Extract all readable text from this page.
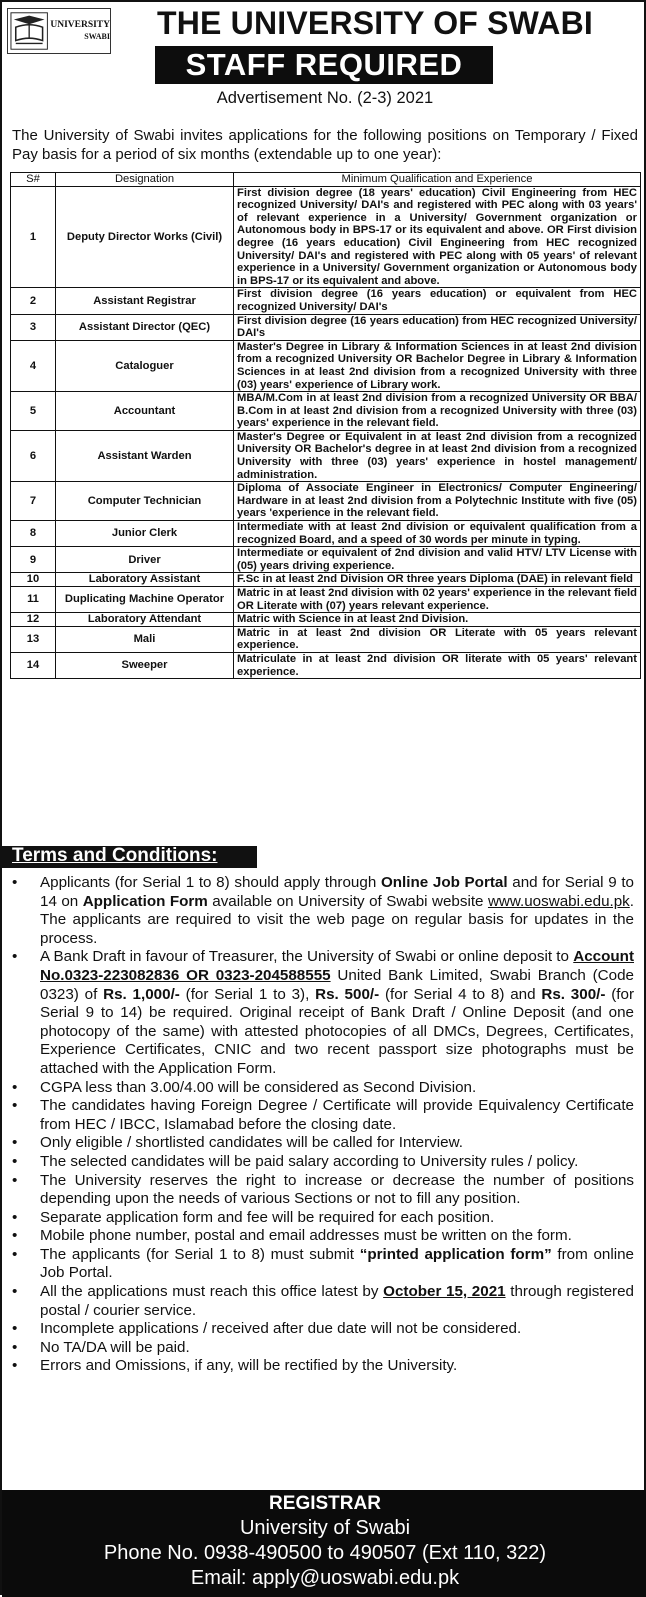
UNIVERSITY
SWABI	THE UNIVERSITY OF SWABI
STAFF REQUIRED
Advertisement No. (2-3) 2021
The University of Swabi invites applications for the following positions on Temporary / Fixed Pay basis for a period of six months (extendable up to one year):
S#	Designation	Minimum Qualification and Experience
1	Deputy Director Works (Civil)	First division degree (18 years' education) Civil Engineering from HEC recognized University/ DAI's and registered with PEC along with 03 years' of relevant experience in a University/ Government organization or Autonomous body in BPS-17 or its equivalent and above. OR First division degree (16 years education) Civil Engineering from HEC recognized University/ DAI's and registered with PEC along with 05 years' of relevant experience in a University/ Government organization or Autonomous body in BPS-17 or its equivalent and above.
2	Assistant Registrar	First division degree (16 years education) or equivalent from HEC recognized University/ DAI's
3	Assistant Director (QEC)	First division degree (16 years education) from HEC recognized University/ DAI's
4	Cataloguer	Master's Degree in Library & Information Sciences in at least 2nd division from a recognized University OR Bachelor Degree in Library & Information Sciences in at least 2nd division from a recognized University with three (03) years' experience of Library work.
5	Accountant	MBA/M.Com in at least 2nd division from a recognized University OR BBA/ B.Com in at least 2nd division from a recognized University with three (03) years' experience in the relevant field.
6	Assistant Warden	Master's Degree or Equivalent in at least 2nd division from a recognized University OR Bachelor's degree in at least 2nd division from a recognized University with three (03) years' experience in hostel management/ administration.
7	Computer Technician	Diploma of Associate Engineer in Electronics/ Computer Engineering/ Hardware in at least 2nd division from a Polytechnic Institute with five (05) years 'experience in the relevant field.
8	Junior Clerk	Intermediate with at least 2nd division or equivalent qualification from a recognized Board, and a speed of 30 words per minute in typing.
9	Driver	Intermediate or equivalent of 2nd division and valid HTV/ LTV License with (05) years driving experience.
10	Laboratory Assistant	F.Sc in at least 2nd Division OR three years Diploma (DAE) in relevant field
11	Duplicating Machine Operator	Matric in at least 2nd division with 02 years' experience in the relevant field OR Literate with (07) years relevant experience.
12	Laboratory Attendant	Matric with Science in at least 2nd Division.
13	Mali	Matric in at least 2nd division OR Literate with 05 years relevant experience.
14	Sweeper	Matriculate in at least 2nd division OR literate with 05 years' relevant experience.
Terms and Conditions:
• Applicants (for Serial 1 to 8) should apply through Online Job Portal and for Serial 9 to 14 on Application Form available on University of Swabi website www.uoswabi.edu.pk. The applicants are required to visit the web page on regular basis for updates in the process.
• A Bank Draft in favour of Treasurer, the University of Swabi or online deposit to Account No.0323-223082836 OR 0323-204588555 United Bank Limited, Swabi Branch (Code 0323) of Rs. 1,000/- (for Serial 1 to 3), Rs. 500/- (for Serial 4 to 8) and Rs. 300/- (for Serial 9 to 14) be required. Original receipt of Bank Draft / Online Deposit (and one photocopy of the same) with attested photocopies of all DMCs, Degrees, Certificates, Experience Certificates, CNIC and two recent passport size photographs must be attached with the Application Form.
• CGPA less than 3.00/4.00 will be considered as Second Division.
• The candidates having Foreign Degree / Certificate will provide Equivalency Certificate from HEC / IBCC, Islamabad before the closing date.
• Only eligible / shortlisted candidates will be called for Interview.
• The selected candidates will be paid salary according to University rules / policy.
• The University reserves the right to increase or decrease the number of positions depending upon the needs of various Sections or not to fill any position.
• Separate application form and fee will be required for each position.
• Mobile phone number, postal and email addresses must be written on the form.
• The applicants (for Serial 1 to 8) must submit “printed application form” from online Job Portal.
• All the applications must reach this office latest by October 15, 2021 through registered postal / courier service.
• Incomplete applications / received after due date will not be considered.
• No TA/DA will be paid.
• Errors and Omissions, if any, will be rectified by the University.
REGISTRAR
University of Swabi
Phone No. 0938-490500 to 490507 (Ext 110, 322)
Email: apply@uoswabi.edu.pk
